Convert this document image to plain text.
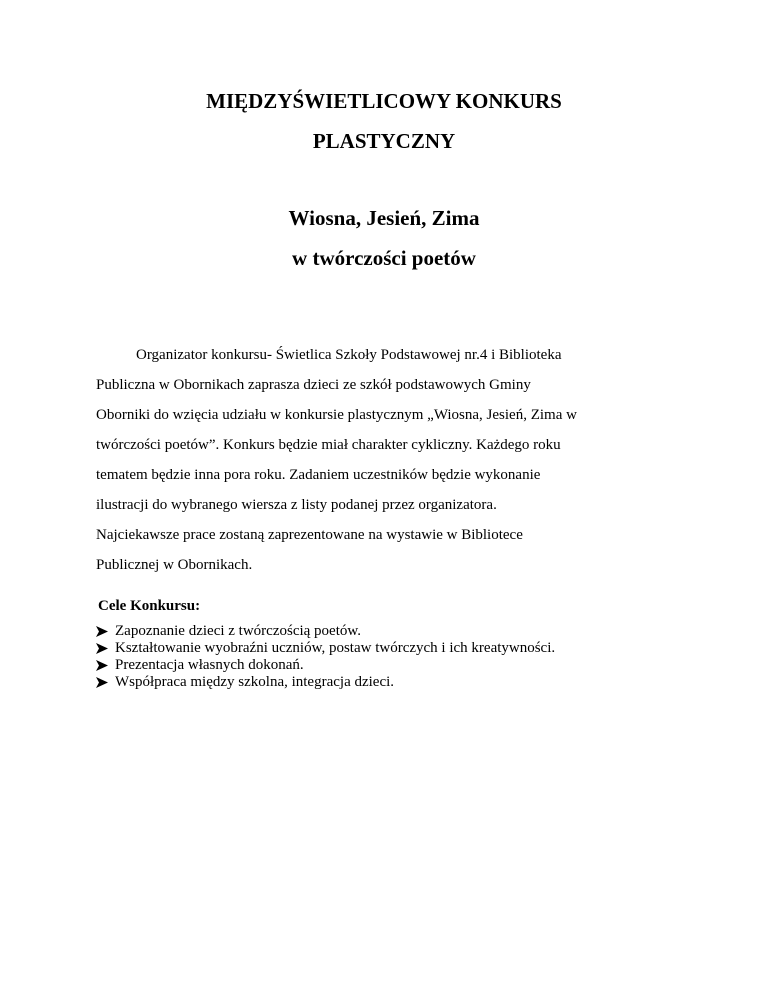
MIĘDZYŚWIETLICOWY KONKURS
PLASTYCZNY
Wiosna, Jesień, Zima
w twórczości poetów

Organizator konkursu- Świetlica Szkoły Podstawowej nr.4 i Biblioteka
Publiczna w Obornikach zaprasza dzieci ze szkół podstawowych Gminy
Oborniki do wzięcia udziału w konkursie plastycznym „Wiosna, Jesień, Zima w
twórczości poetów”. Konkurs będzie miał charakter cykliczny. Każdego roku
tematem będzie inna pora roku. Zadaniem uczestników będzie wykonanie
ilustracji do wybranego wiersza z listy podanej przez organizatora.
Najciekawsze prace zostaną zaprezentowane na wystawie w Bibliotece
Publicznej w Obornikach.

Cele Konkursu:
Zapoznanie dzieci z twórczością poetów.
Kształtowanie wyobraźni uczniów, postaw twórczych i ich kreatywności.
Prezentacja własnych dokonań.
Współpraca między szkolna, integracja dzieci.
